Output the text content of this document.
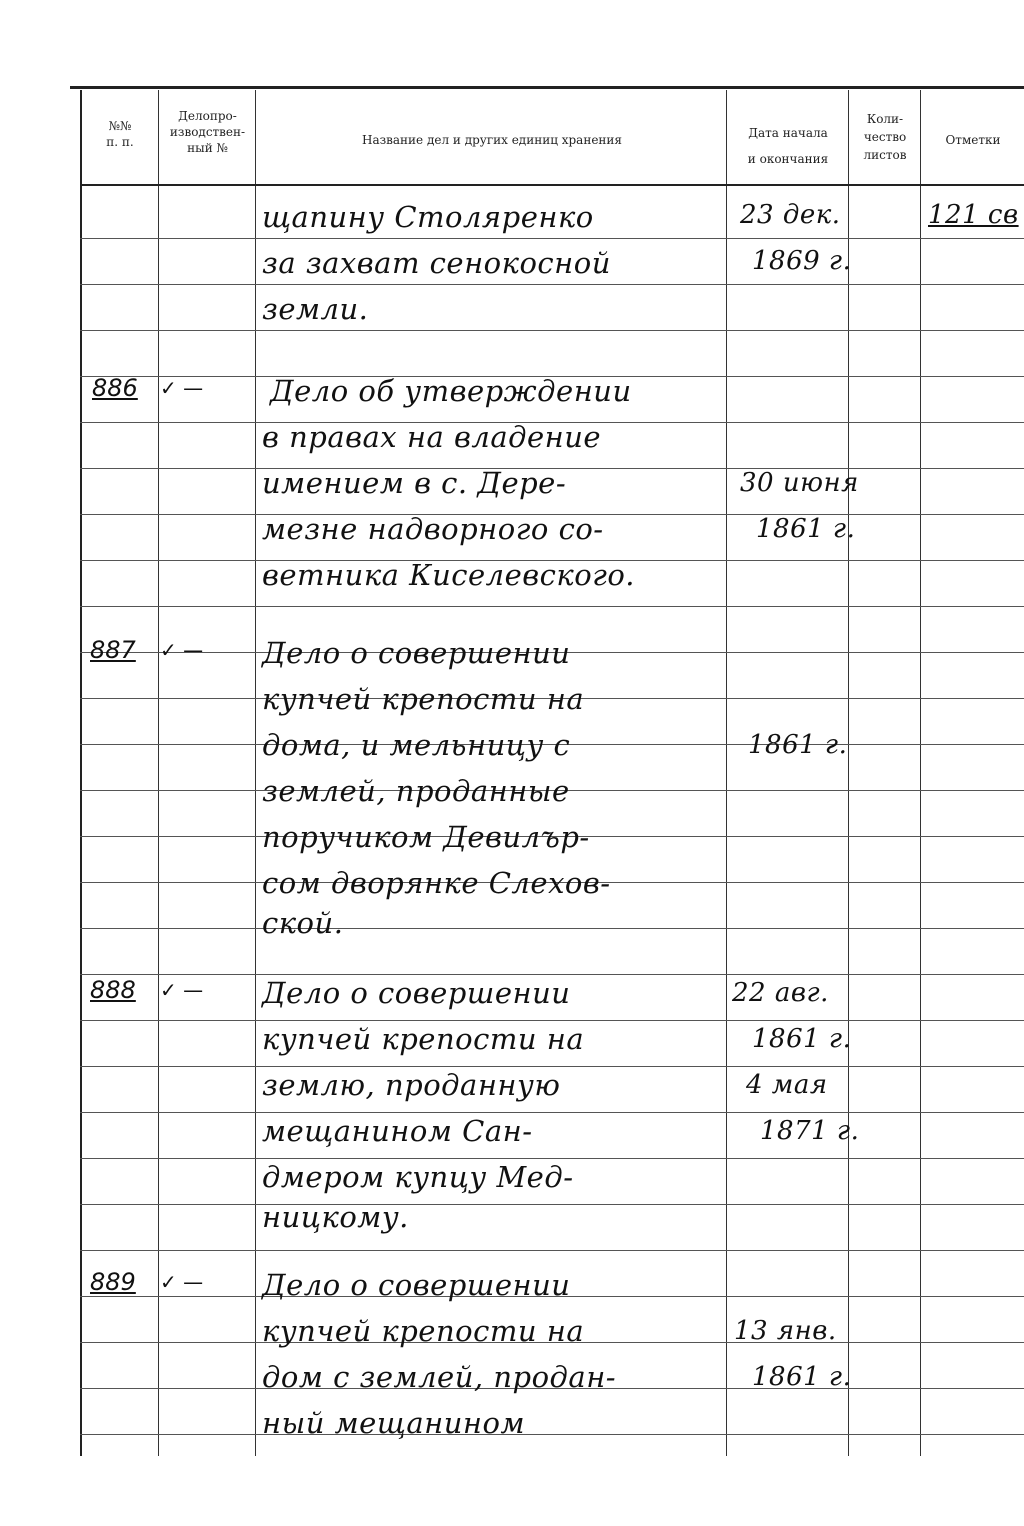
№№
п. п.
Делопро-
изводствен-
ный №
Название дел и других единиц хранения	Дата начала
и окончания
Коли-
чество
листов
Отметки
щапину Столяренко
за захват сенокосной
земли.
23 дек.
1869 г.
121 св
886 ✓ — Дело об утверждении
в правах на владение
имением в с. Дере-
мезне надворного со-
ветника Киселевского.
30 июня
1861 г.
887 ✓ — Дело о совершении
купчей крепости на
дома, и мельницу с
землей, проданные
поручиком Девилър-
сом дворянке Слехов-
ской.
1861 г.
888 ✓ — Дело о совершении
купчей крепости на
землю, проданную
мещанином Сан-
дмером купцу Мед-
ницкому.
22 авг.
1861 г.
4 мая
1871 г.
889 ✓ — Дело о совершении
купчей крепости на
дом с землей, продан-
ный мещанином
13 янв.
1861 г.
